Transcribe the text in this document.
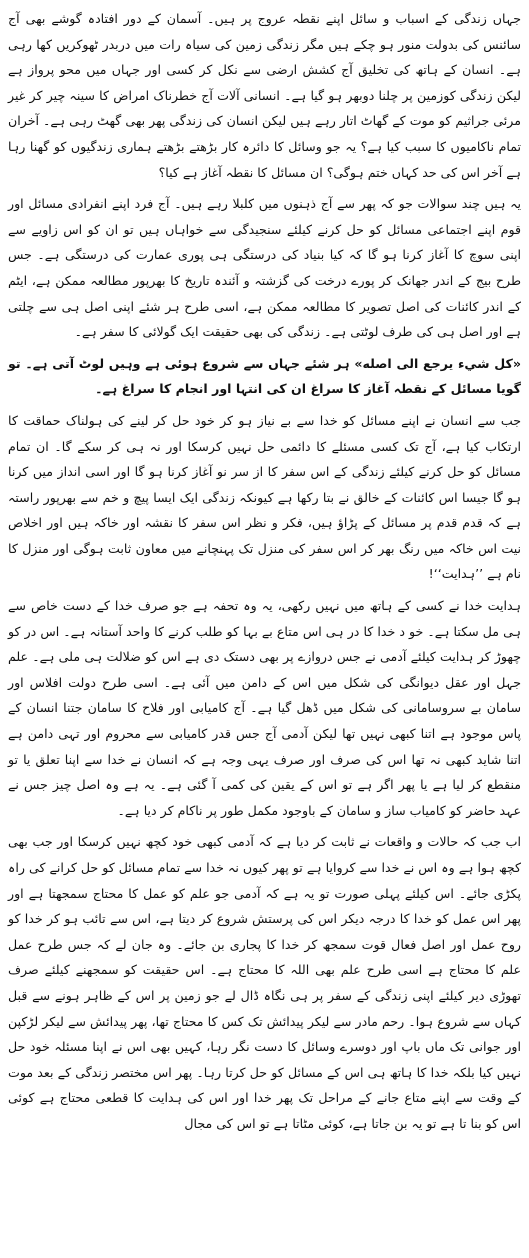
جہاں زندگی کے اسباب و سائل اپنے نقطہ عروج پر ہیں۔ آسمان کے دور افتادہ گوشے بھی آج سائنس کی بدولت منور ہو چکے ہیں مگر زندگی زمین کی سیاہ رات میں دربدر ٹھوکریں کھا رہی ہے۔ انسان کے ہاتھ کی تخلیق آج کشش ارضی سے نکل کر کسی اور جہاں میں محو پرواز ہے لیکن زندگی کوزمین پر چلنا دوبھر ہو گیا ہے۔ انسانی آلات آج خطرناک امراض کا سینہ چیر کر غیر مرئی جراثیم کو موت کے گھاٹ اتار رہے ہیں لیکن انسان کی زندگی پھر بھی گھٹ رہی ہے۔ آخران تمام ناکامیوں کا سبب کیا ہے؟ یہ جو وسائل کا دائرہ کار بڑھتے بڑھتے ہماری زندگیوں کو گھنا رہا ہے آخر اس کی حد کہاں ختم ہوگی؟ ان مسائل کا نقطہ آغاز ہے کیا؟

یہ ہیں چند سوالات جو کہ پھر سے آج ذہنوں میں کلبلا رہے ہیں۔ آج فرد اپنے انفرادی مسائل اور قوم اپنے اجتماعی مسائل کو حل کرنے کیلئے سنجیدگی سے خواہاں ہیں تو ان کو اس زاویے سے اپنی سوچ کا آغاز کرنا ہو گا کہ کیا بنیاد کی درستگی ہی پوری عمارت کی درستگی ہے۔ جس طرح بیج کے اندر جھانک کر پورے درخت کی گزشتہ و آئندہ تاریخ کا بھرپور مطالعہ ممکن ہے، ایٹم کے اندر کائنات کی اصل تصویر کا مطالعہ ممکن ہے، اسی طرح ہر شئے اپنی اصل ہی سے چلتی ہے اور اصل ہی کی طرف لوٹتی ہے۔ زندگی کی بھی حقیقت ایک گولائی کا سفر ہے۔

«کل شيء يرجع الى اصله» ہر شئے جہاں سے شروع ہوئی ہے وہیں لوٹ آتی ہے۔ تو گویا مسائل کے نقطہ آغاز کا سراغ ان کی انتہا اور انجام کا سراغ ہے۔

جب سے انسان نے اپنے مسائل کو خدا سے بے نیاز ہو کر خود حل کر لینے کی ہولناک حماقت کا ارتکاب کیا ہے، آج تک کسی مسئلے کا دائمی حل نہیں کرسکا اور نہ ہی کر سکے گا۔ ان تمام مسائل کو حل کرنے کیلئے زندگی کے اس سفر کا از سر نو آغاز کرنا ہو گا اور اسی انداز میں کرنا ہو گا جیسا اس کائنات کے خالق نے بتا رکھا ہے کیونکہ زندگی ایک ایسا پیچ و خم سے بھرپور راستہ ہے کہ قدم قدم پر مسائل کے پڑاؤ ہیں، فکر و نظر اس سفر کا نقشہ اور خاکہ ہیں اور اخلاص نیت اس خاکہ میں رنگ بھر کر اس سفر کی منزل تک پہنچانے میں معاون ثابت ہوگی اور منزل کا نام ہے ’’ہدایت‘‘!

ہدایت خدا نے کسی کے ہاتھ میں نہیں رکھی، یہ وہ تحفہ ہے جو صرف خدا کے دست خاص سے ہی مل سکتا ہے۔ خو د خدا کا در ہی اس متاع بے بہا کو طلب کرنے کا واحد آستانہ ہے۔ اس در کو چھوڑ کر ہدایت کیلئے آدمی نے جس دروازے پر بھی دستک دی ہے اس کو ضلالت ہی ملی ہے۔ علم جہل اور عقل دیوانگی کی شکل میں اس کے دامن میں آئی ہے۔ اسی طرح دولت افلاس اور سامان بے سروسامانی کی شکل میں ڈھل گیا ہے۔ آج کامیابی اور فلاح کا سامان جتنا انسان کے پاس موجود ہے اتنا کبھی نہیں تھا لیکن آدمی آج جس قدر کامیابی سے محروم اور تہی دامن ہے اتنا شاید کبھی نہ تھا اس کی صرف اور صرف یہی وجہ ہے کہ انسان نے خدا سے اپنا تعلق یا تو منقطع کر لیا ہے یا پھر اگر ہے تو اس کے یقین کی کمی آ گئی ہے۔ یہ ہے وہ اصل چیز جس نے عہد حاضر کو کامیاب ساز و سامان کے باوجود مکمل طور پر ناکام کر دیا ہے۔

اب جب کہ حالات و واقعات نے ثابت کر دیا ہے کہ آدمی کبھی خود کچھ نہیں کرسکا اور جب بھی کچھ ہوا ہے وہ اس نے خدا سے کروایا ہے تو پھر کیوں نہ خدا سے تمام مسائل کو حل کرانے کی راہ پکڑی جائے۔ اس کیلئے پہلی صورت تو یہ ہے کہ آدمی جو علم کو عمل کا محتاج سمجھتا ہے اور پھر اس عمل کو خدا کا درجہ دیکر اس کی پرستش شروع کر دیتا ہے، اس سے تائب ہو کر خدا کو روح عمل اور اصل فعال قوت سمجھ کر خدا کا پجاری بن جائے۔ وہ جان لے کہ جس طرح عمل علم کا محتاج ہے اسی طرح علم بھی اللہ کا محتاج ہے۔ اس حقیقت کو سمجھنے کیلئے صرف تھوڑی دیر کیلئے اپنی زندگی کے سفر پر ہی نگاہ ڈال لے جو زمین پر اس کے ظاہر ہونے سے قبل کہاں سے شروع ہوا۔ رحم مادر سے لیکر پیدائش تک کس کا محتاج تھا، پھر پیدائش سے لیکر لڑکپن اور جوانی تک ماں باپ اور دوسرے وسائل کا دست نگر رہا، کہیں بھی اس نے اپنا مسئلہ خود حل نہیں کیا بلکہ خدا کا ہاتھ ہی اس کے مسائل کو حل کرتا رہا۔ پھر اس مختصر زندگی کے بعد موت کے وقت سے اپنے متاع جانے کے مراحل تک پھر خدا اور اس کی ہدایت کا قطعی محتاج ہے کوئی اس کو بنا تا ہے تو یہ بن جاتا ہے، کوئی مٹاتا ہے تو اس کی مجال
